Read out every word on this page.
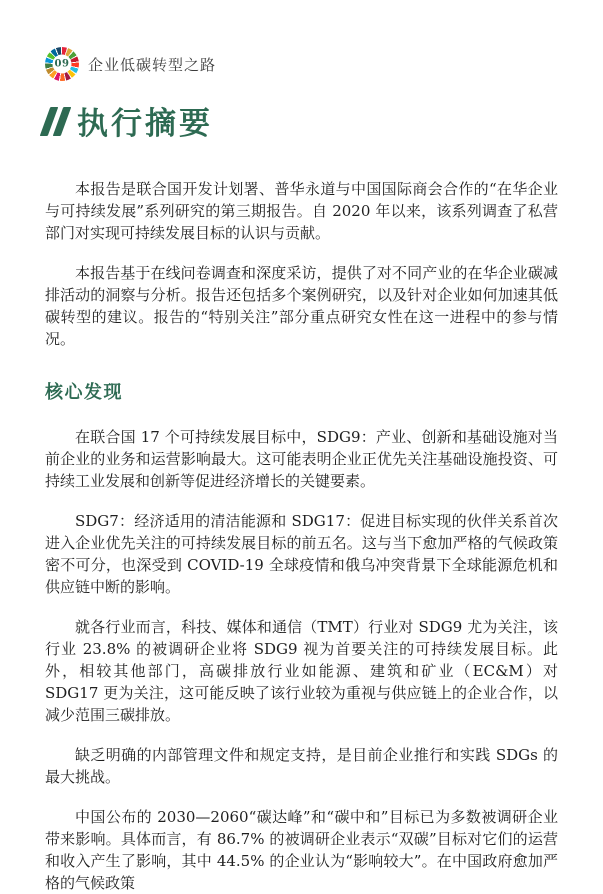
09 企业低碳转型之路
执行摘要

本报告是联合国开发计划署、普华永道与中国国际商会合作的“在华企业与可持续发展”系列研究的第三期报告。自 2020 年以来，该系列调查了私营部门对实现可持续发展目标的认识与贡献。

本报告基于在线问卷调查和深度采访，提供了对不同产业的在华企业碳减排活动的洞察与分析。报告还包括多个案例研究，以及针对企业如何加速其低碳转型的建议。报告的“特别关注”部分重点研究女性在这一进程中的参与情况。

核心发现

在联合国 17 个可持续发展目标中，SDG9：产业、创新和基础设施对当前企业的业务和运营影响最大。这可能表明企业正优先关注基础设施投资、可持续工业发展和创新等促进经济增长的关键要素。

SDG7：经济适用的清洁能源和 SDG17：促进目标实现的伙伴关系首次进入企业优先关注的可持续发展目标的前五名。这与当下愈加严格的气候政策密不可分，也深受到 COVID-19 全球疫情和俄乌冲突背景下全球能源危机和供应链中断的影响。

就各行业而言，科技、媒体和通信（TMT）行业对 SDG9 尤为关注，该行业 23.8% 的被调研企业将 SDG9 视为首要关注的可持续发展目标。此外，相较其他部门，高碳排放行业如能源、建筑和矿业（EC&M）对 SDG17 更为关注，这可能反映了该行业较为重视与供应链上的企业合作，以减少范围三碳排放。

缺乏明确的内部管理文件和规定支持，是目前企业推行和实践 SDGs 的最大挑战。

中国公布的 2030—2060“碳达峰”和“碳中和”目标已为多数被调研企业带来影响。具体而言，有 86.7% 的被调研企业表示“双碳”目标对它们的运营和收入产生了影响，其中 44.5% 的企业认为“影响较大”。在中国政府愈加严格的气候政策
